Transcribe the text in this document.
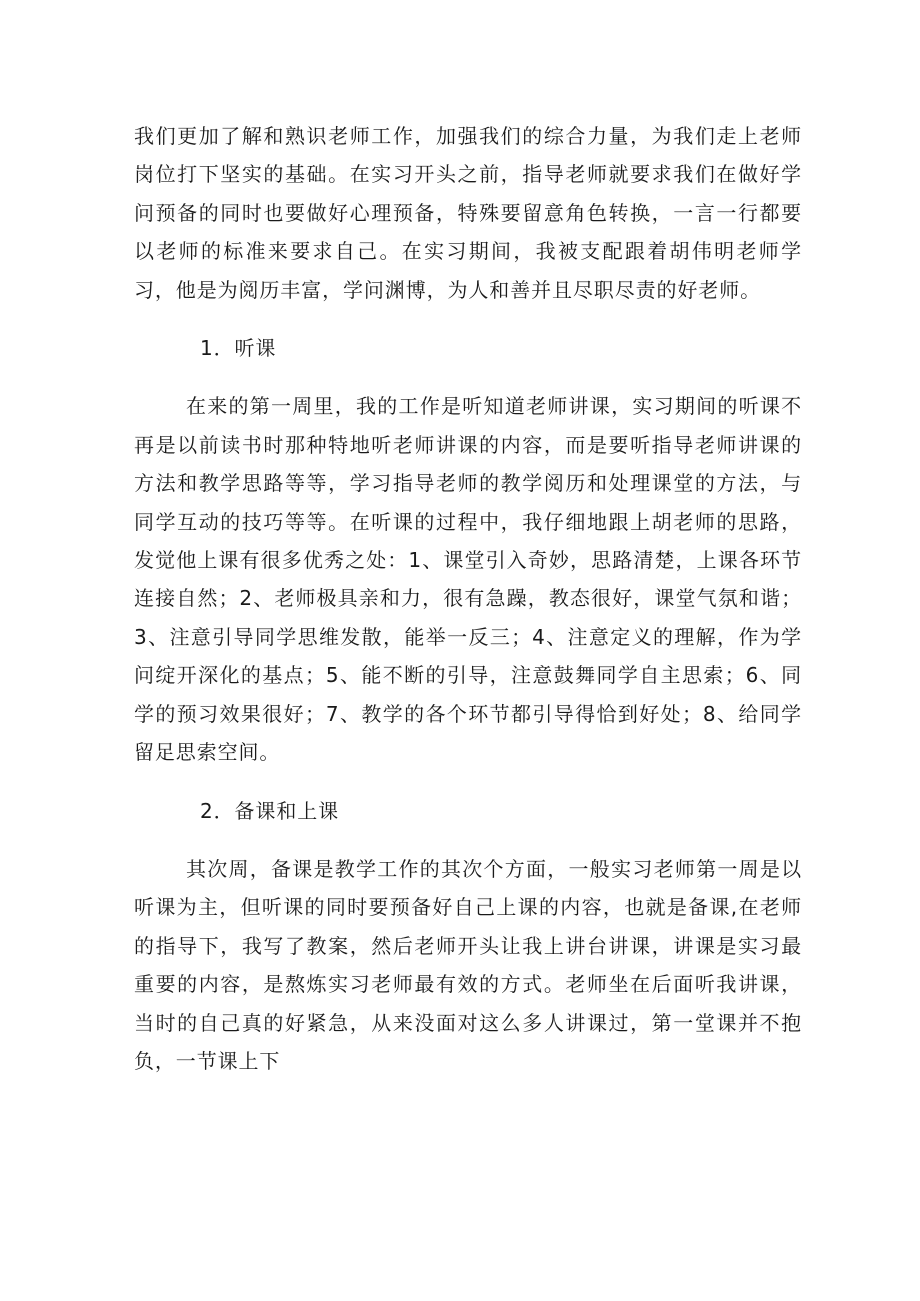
我们更加了解和熟识老师工作，加强我们的综合力量，为我们走上老师岗位打下坚实的基础。在实习开头之前，指导老师就要求我们在做好学问预备的同时也要做好心理预备，特殊要留意角色转换，一言一行都要以老师的标准来要求自己。在实习期间，我被支配跟着胡伟明老师学习，他是为阅历丰富，学问渊博，为人和善并且尽职尽责的好老师。

1．听课

在来的第一周里，我的工作是听知道老师讲课，实习期间的听课不再是以前读书时那种特地听老师讲课的内容，而是要听指导老师讲课的方法和教学思路等等，学习指导老师的教学阅历和处理课堂的方法，与同学互动的技巧等等。在听课的过程中，我仔细地跟上胡老师的思路，发觉他上课有很多优秀之处：1、课堂引入奇妙，思路清楚，上课各环节连接自然；2、老师极具亲和力，很有急躁，教态很好，课堂气氛和谐；3、注意引导同学思维发散，能举一反三；4、注意定义的理解，作为学问绽开深化的基点；5、能不断的引导，注意鼓舞同学自主思索；6、同学的预习效果很好；7、教学的各个环节都引导得恰到好处；8、给同学留足思索空间。

2．备课和上课

其次周，备课是教学工作的其次个方面，一般实习老师第一周是以听课为主，但听课的同时要预备好自己上课的内容，也就是备课,在老师的指导下，我写了教案，然后老师开头让我上讲台讲课，讲课是实习最重要的内容，是熬炼实习老师最有效的方式。老师坐在后面听我讲课，当时的自己真的好紧急，从来没面对这么多人讲课过，第一堂课并不抱负，一节课上下
